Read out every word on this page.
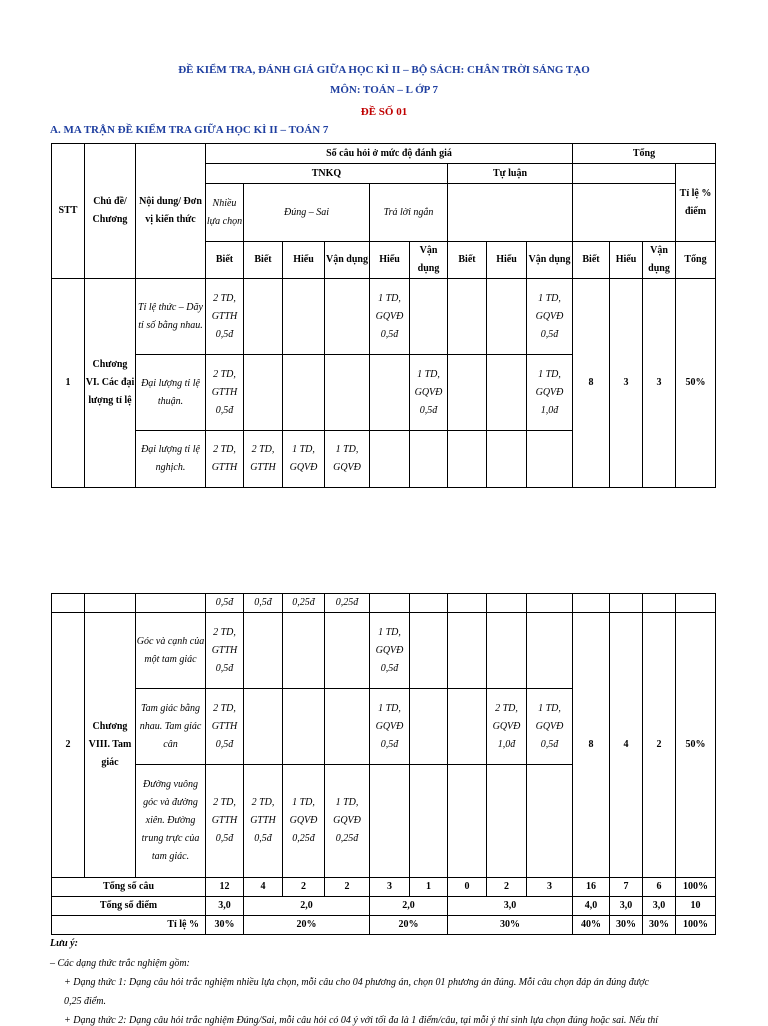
ĐỀ KIỂM TRA, ĐÁNH GIÁ GIỮA HỌC KÌ II – BỘ SÁCH: CHÂN TRỜI SÁNG TẠO
MÔN: TOÁN – L ỚP 7
ĐỀ SỐ 01
A. MA TRẬN ĐỀ KIỂM TRA GIỮA HỌC KÌ II – TOÁN 7
STT	Chủ đề/ Chương	Nội dung/ Đơn vị kiến thức	Số câu hỏi ở mức độ đánh giá									Tổng			
			TNKQ						Tự luận						Tỉ lệ % điểm
			Nhiều lựa chọn	Đúng – Sai			Trả lời ngắn								
			Biết	Biết	Hiểu	Vận dụng	Hiểu	Vận dụng	Biết	Hiểu	Vận dụng	Biết	Hiểu	Vận dụng	Tổng
1	Chương VI. Các đại lượng tỉ lệ	Tỉ lệ thức – Dãy tỉ số bằng nhau.	2 TD, GTTH 0,5đ				1 TD, GQVĐ 0,5đ				1 TD, GQVĐ 0,5đ	8	3	3	50%
		Đại lượng tỉ lệ thuận.	2 TD, GTTH 0,5đ					1 TD, GQVĐ 0,5đ			1 TD, GQVĐ 1,0đ				
		Đại lượng tỉ lệ nghịch.	2 TD, GTTH	2 TD, GTTH	1 TD, GQVĐ	1 TD, GQVĐ									
			0,5đ	0,5đ	0,25đ	0,25đ									
2	Chương VIII. Tam giác	Góc và cạnh của một tam giác	2 TD, GTTH 0,5đ				1 TD, GQVĐ 0,5đ					8	4	2	50%
		Tam giác bằng nhau. Tam giác cân	2 TD, GTTH 0,5đ				1 TD, GQVĐ 0,5đ			2 TD, GQVĐ 1,0đ	1 TD, GQVĐ 0,5đ				
		Đường vuông góc và đường xiên. Đường trung trực của tam giác.	2 TD, GTTH 0,5đ	2 TD, GTTH 0,5đ	1 TD, GQVĐ 0,25đ	1 TD, GQVĐ 0,25đ									
Tổng số câu			12	4	2	2	3	1	0	2	3	16	7	6	100%
Tổng số điểm			3,0	2,0			2,0		3,0			4,0	3,0	3,0	10
Tỉ lệ %			30%	20%			20%		30%			40%	30%	30%	100%
Lưu ý:
– Các dạng thức trắc nghiệm gồm:
+ Dạng thức 1: Dạng câu hỏi trắc nghiệm nhiều lựa chọn, mỗi câu cho 04 phương án, chọn 01 phương án đúng. Mỗi câu chọn đáp án đúng được
0,25 điểm.
+ Dạng thức 2: Dạng câu hỏi trắc nghiệm Đúng/Sai, mỗi câu hỏi có 04 ý với tối đa là 1 điểm/câu, tại mỗi ý thí sinh lựa chọn đúng hoặc sai. Nếu thí
